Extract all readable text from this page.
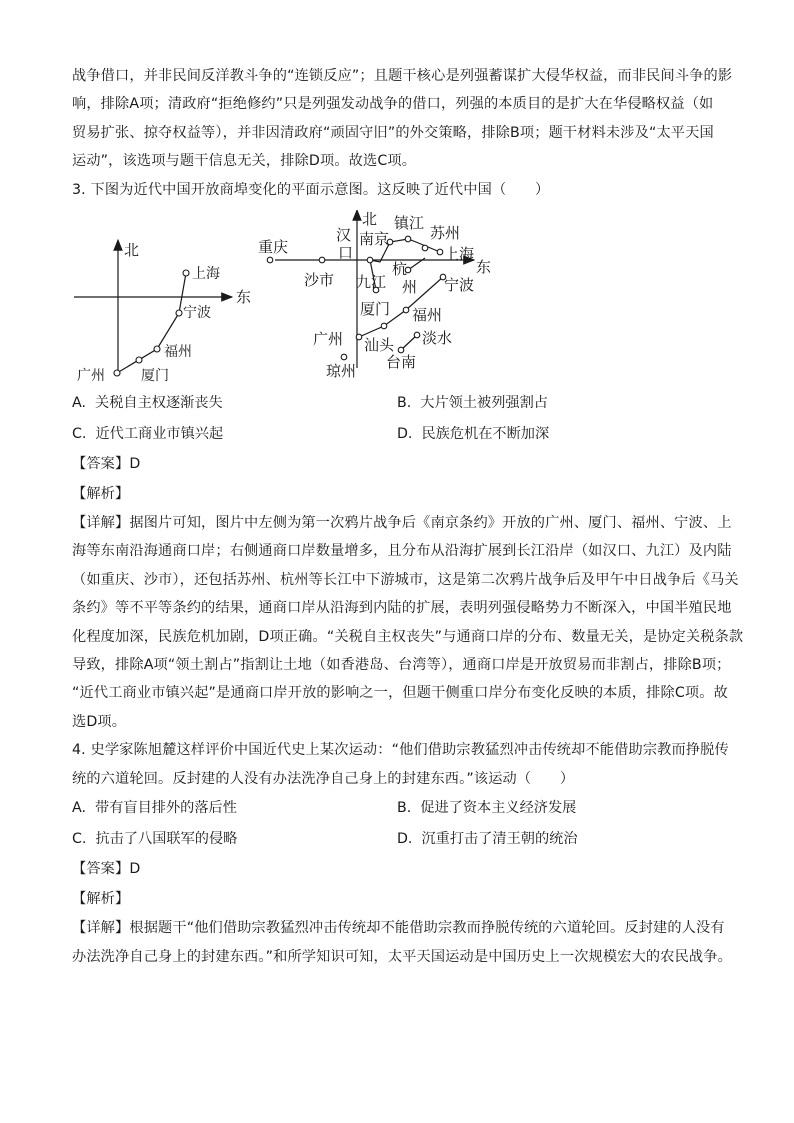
战争借口，并非民间反洋教斗争的“连锁反应”；且题干核心是列强蓄谋扩大侵华权益，而非民间斗争的影

响，排除A项；清政府“拒绝修约”只是列强发动战争的借口，列强的本质目的是扩大在华侵略权益（如

贸易扩张、掠夺权益等），并非因清政府“顽固守旧”的外交策略，排除B项；题干材料未涉及“太平天国

运动”，该选项与题干信息无关，排除D项。故选C项。

3. 下图为近代中国开放商埠变化的平面示意图。这反映了近代中国（　　）

北
东
上海
宁波
福州
厦门
广州
北
东
重庆
沙市
汉
口
南京
镇江
苏州
上海
九江
杭
州 宁波
厦门 福州
广州 汕头 淡水
台南
琼州
A. 关税自主权逐渐丧失	B. 大片领土被列强割占
C. 近代工商业市镇兴起	D. 民族危机在不断加深

【答案】D

【解析】

【详解】据图片可知，图片中左侧为第一次鸦片战争后《南京条约》开放的广州、厦门、福州、宁波、上

海等东南沿海通商口岸；右侧通商口岸数量增多，且分布从沿海扩展到长江沿岸（如汉口、九江）及内陆

（如重庆、沙市），还包括苏州、杭州等长江中下游城市，这是第二次鸦片战争后及甲午中日战争后《马关

条约》等不平等条约的结果，通商口岸从沿海到内陆的扩展，表明列强侵略势力不断深入，中国半殖民地

化程度加深，民族危机加剧，D项正确。“关税自主权丧失”与通商口岸的分布、数量无关，是协定关税条款

导致，排除A项“领土割占”指割让土地（如香港岛、台湾等），通商口岸是开放贸易而非割占，排除B项；

“近代工商业市镇兴起”是通商口岸开放的影响之一，但题干侧重口岸分布变化反映的本质，排除C项。故

选D项。

4. 史学家陈旭麓这样评价中国近代史上某次运动：“他们借助宗教猛烈冲击传统却不能借助宗教而挣脱传

统的六道轮回。反封建的人没有办法洗净自己身上的封建东西。”该运动（　　）

A. 带有盲目排外的落后性	B. 促进了资本主义经济发展
C. 抗击了八国联军的侵略	D. 沉重打击了清王朝的统治

【答案】D

【解析】

【详解】根据题干“他们借助宗教猛烈冲击传统却不能借助宗教而挣脱传统的六道轮回。反封建的人没有

办法洗净自己身上的封建东西。”和所学知识可知，太平天国运动是中国历史上一次规模宏大的农民战争。
